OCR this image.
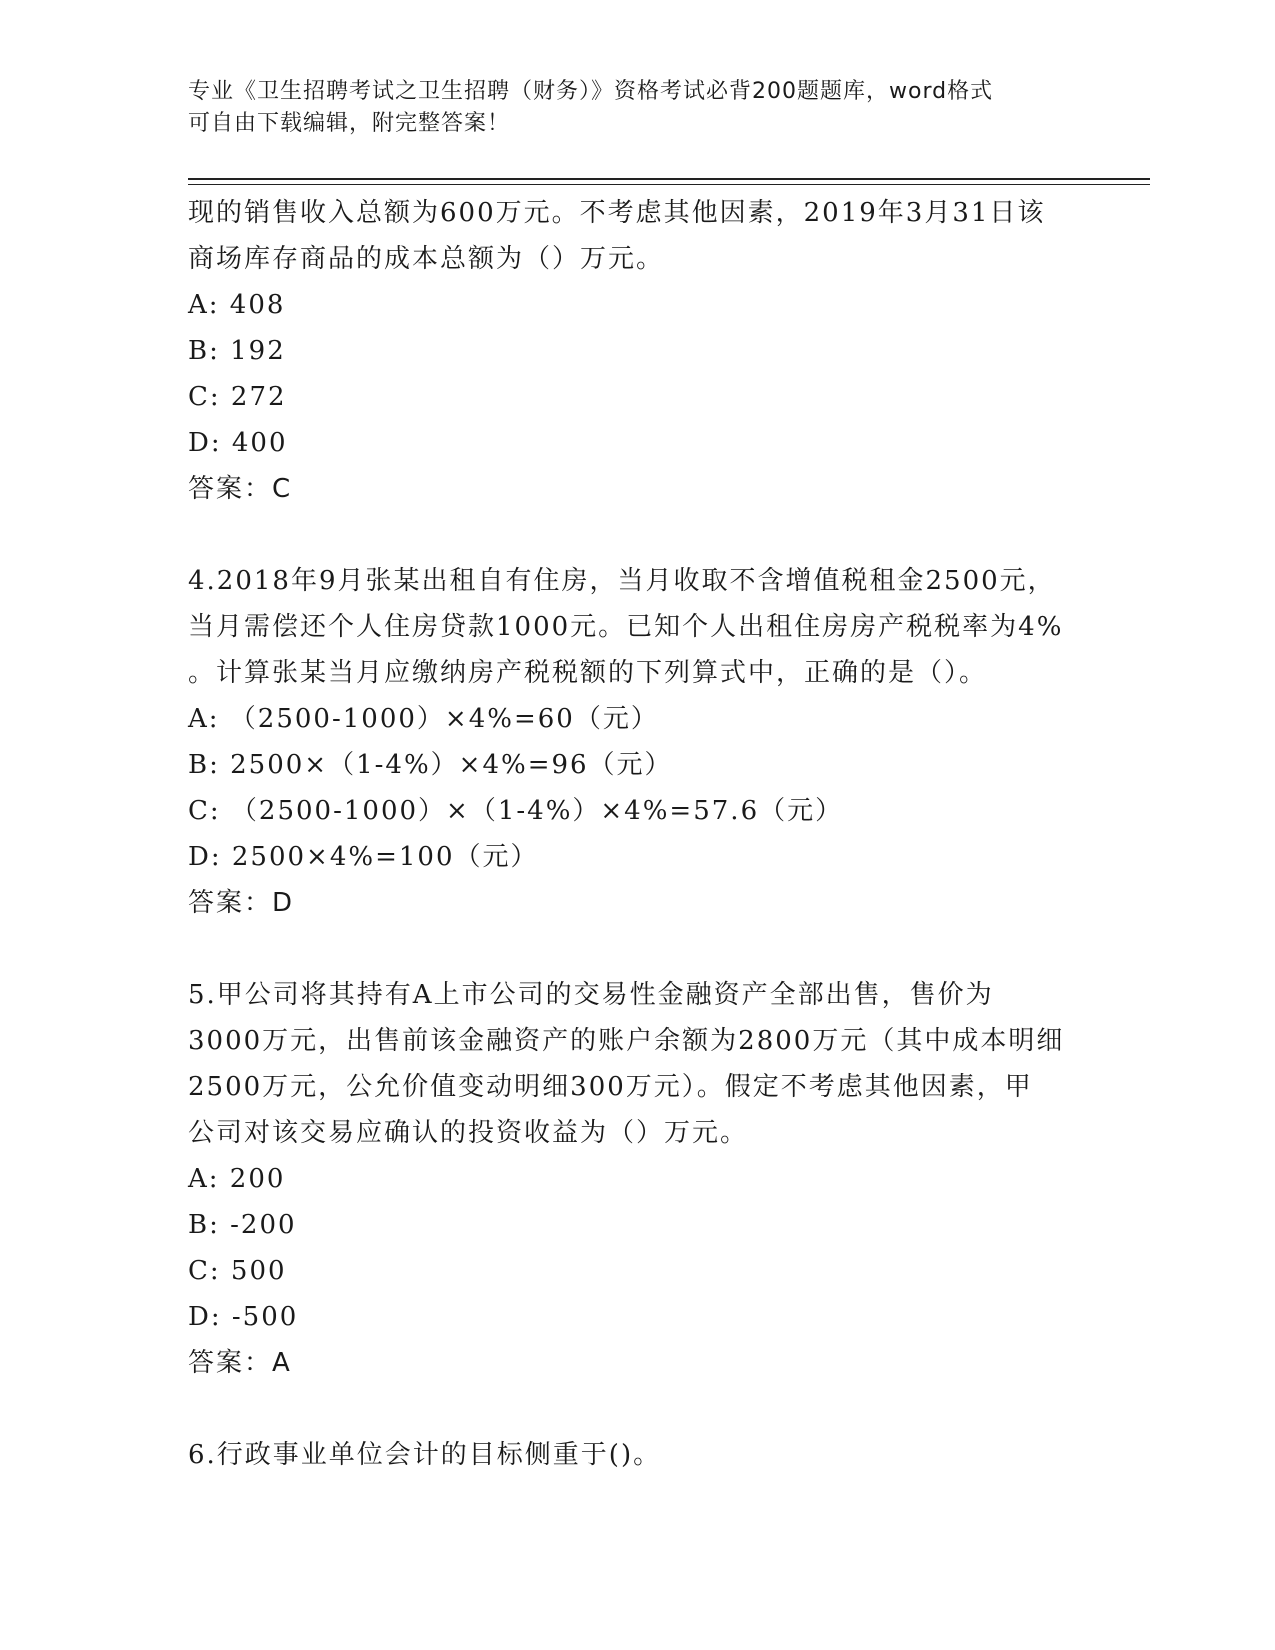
专业《卫生招聘考试之卫生招聘（财务）》资格考试必背200题题库，word格式
可自由下载编辑，附完整答案！
现的销售收入总额为600万元。不考虑其他因素，2019年3月31日该
商场库存商品的成本总额为（）万元。
A: 408
B: 192
C: 272
D: 400
答案：C
4.2018年9月张某出租自有住房，当月收取不含增值税租金2500元，
当月需偿还个人住房贷款1000元。已知个人出租住房房产税税率为4%
。计算张某当月应缴纳房产税税额的下列算式中，正确的是（）。
A: （2500-1000）×4%=60（元）
B: 2500×（1-4%）×4%=96（元）
C: （2500-1000）×（1-4%）×4%=57.6（元）
D: 2500×4%=100（元）
答案：D
5.甲公司将其持有A上市公司的交易性金融资产全部出售，售价为
3000万元，出售前该金融资产的账户余额为2800万元（其中成本明细
2500万元，公允价值变动明细300万元）。假定不考虑其他因素，甲
公司对该交易应确认的投资收益为（）万元。
A: 200
B: -200
C: 500
D: -500
答案：A
6.行政事业单位会计的目标侧重于()。
